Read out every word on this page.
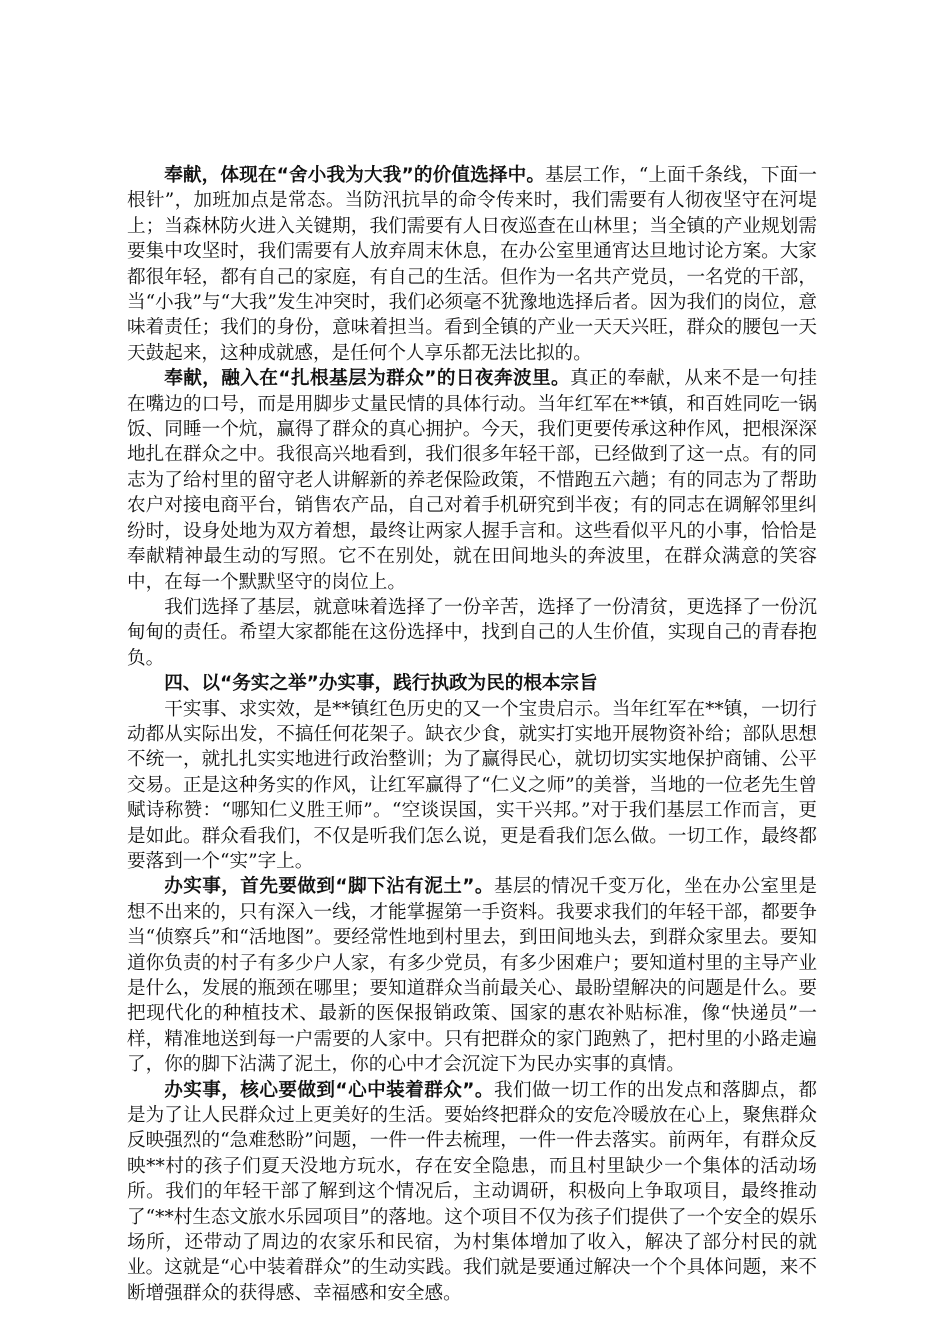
奉献，体现在“舍小我为大我”的价值选择中。基层工作，“上面千条线，下面一根针”，加班加点是常态。当防汛抗旱的命令传来时，我们需要有人彻夜坚守在河堤上；当森林防火进入关键期，我们需要有人日夜巡查在山林里；当全镇的产业规划需要集中攻坚时，我们需要有人放弃周末休息，在办公室里通宵达旦地讨论方案。大家都很年轻，都有自己的家庭，有自己的生活。但作为一名共产党员，一名党的干部，当“小我”与“大我”发生冲突时，我们必须毫不犹豫地选择后者。因为我们的岗位，意味着责任；我们的身份，意味着担当。看到全镇的产业一天天兴旺，群众的腰包一天天鼓起来，这种成就感，是任何个人享乐都无法比拟的。

奉献，融入在“扎根基层为群众”的日夜奔波里。真正的奉献，从来不是一句挂在嘴边的口号，而是用脚步丈量民情的具体行动。当年红军在**镇，和百姓同吃一锅饭、同睡一个炕，赢得了群众的真心拥护。今天，我们更要传承这种作风，把根深深地扎在群众之中。我很高兴地看到，我们很多年轻干部，已经做到了这一点。有的同志为了给村里的留守老人讲解新的养老保险政策，不惜跑五六趟；有的同志为了帮助农户对接电商平台，销售农产品，自己对着手机研究到半夜；有的同志在调解邻里纠纷时，设身处地为双方着想，最终让两家人握手言和。这些看似平凡的小事，恰恰是奉献精神最生动的写照。它不在别处，就在田间地头的奔波里，在群众满意的笑容中，在每一个默默坚守的岗位上。

我们选择了基层，就意味着选择了一份辛苦，选择了一份清贫，更选择了一份沉甸甸的责任。希望大家都能在这份选择中，找到自己的人生价值，实现自己的青春抱负。

四、以“务实之举”办实事，践行执政为民的根本宗旨

干实事、求实效，是**镇红色历史的又一个宝贵启示。当年红军在**镇，一切行动都从实际出发，不搞任何花架子。缺衣少食，就实打实地开展物资补给；部队思想不统一，就扎扎实实地进行政治整训；为了赢得民心，就切切实实地保护商铺、公平交易。正是这种务实的作风，让红军赢得了“仁义之师”的美誉，当地的一位老先生曾赋诗称赞：“哪知仁义胜王师”。“空谈误国，实干兴邦。”对于我们基层工作而言，更是如此。群众看我们，不仅是听我们怎么说，更是看我们怎么做。一切工作，最终都要落到一个“实”字上。

办实事，首先要做到“脚下沾有泥土”。基层的情况千变万化，坐在办公室里是想不出来的，只有深入一线，才能掌握第一手资料。我要求我们的年轻干部，都要争当“侦察兵”和“活地图”。要经常性地到村里去，到田间地头去，到群众家里去。要知道你负责的村子有多少户人家，有多少党员，有多少困难户；要知道村里的主导产业是什么，发展的瓶颈在哪里；要知道群众当前最关心、最盼望解决的问题是什么。要把现代化的种植技术、最新的医保报销政策、国家的惠农补贴标准，像“快递员”一样，精准地送到每一户需要的人家中。只有把群众的家门跑熟了，把村里的小路走遍了，你的脚下沾满了泥土，你的心中才会沉淀下为民办实事的真情。

办实事，核心要做到“心中装着群众”。我们做一切工作的出发点和落脚点，都是为了让人民群众过上更美好的生活。要始终把群众的安危冷暖放在心上，聚焦群众反映强烈的“急难愁盼”问题，一件一件去梳理，一件一件去落实。前两年，有群众反映**村的孩子们夏天没地方玩水，存在安全隐患，而且村里缺少一个集体的活动场所。我们的年轻干部了解到这个情况后，主动调研，积极向上争取项目，最终推动了“**村生态文旅水乐园项目”的落地。这个项目不仅为孩子们提供了一个安全的娱乐场所，还带动了周边的农家乐和民宿，为村集体增加了收入，解决了部分村民的就业。这就是“心中装着群众”的生动实践。我们就是要通过解决一个个具体问题，来不断增强群众的获得感、幸福感和安全感。
